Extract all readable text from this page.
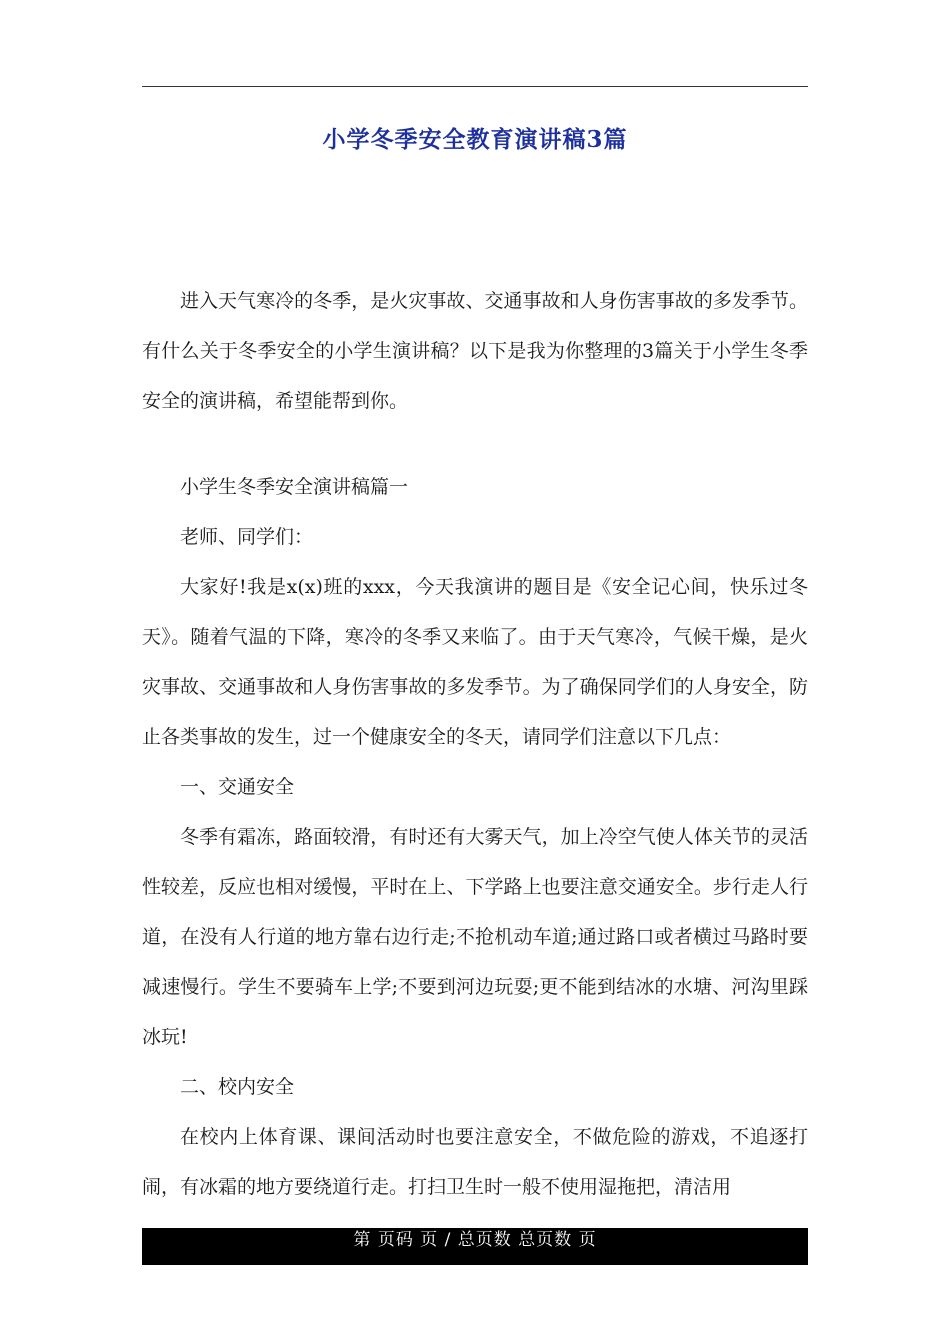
小学冬季安全教育演讲稿3篇

进入天气寒冷的冬季，是火灾事故、交通事故和人身伤害事故的多发季节。有什么关于冬季安全的小学生演讲稿？以下是我为你整理的3篇关于小学生冬季安全的演讲稿，希望能帮到你。

小学生冬季安全演讲稿篇一

老师、同学们：

大家好!我是x(x)班的xxx，今天我演讲的题目是《安全记心间，快乐过冬天》。随着气温的下降，寒冷的冬季又来临了。由于天气寒冷，气候干燥，是火灾事故、交通事故和人身伤害事故的多发季节。为了确保同学们的人身安全，防止各类事故的发生，过一个健康安全的冬天，请同学们注意以下几点：

一、交通安全

冬季有霜冻，路面较滑，有时还有大雾天气，加上冷空气使人体关节的灵活性较差，反应也相对缓慢，平时在上、下学路上也要注意交通安全。步行走人行道，在没有人行道的地方靠右边行走;不抢机动车道;通过路口或者横过马路时要减速慢行。学生不要骑车上学;不要到河边玩耍;更不能到结冰的水塘、河沟里踩冰玩!

二、校内安全

在校内上体育课、课间活动时也要注意安全，不做危险的游戏，不追逐打闹，有冰霜的地方要绕道行走。打扫卫生时一般不使用湿拖把，清洁用

第 页码 页 / 总页数 总页数 页
